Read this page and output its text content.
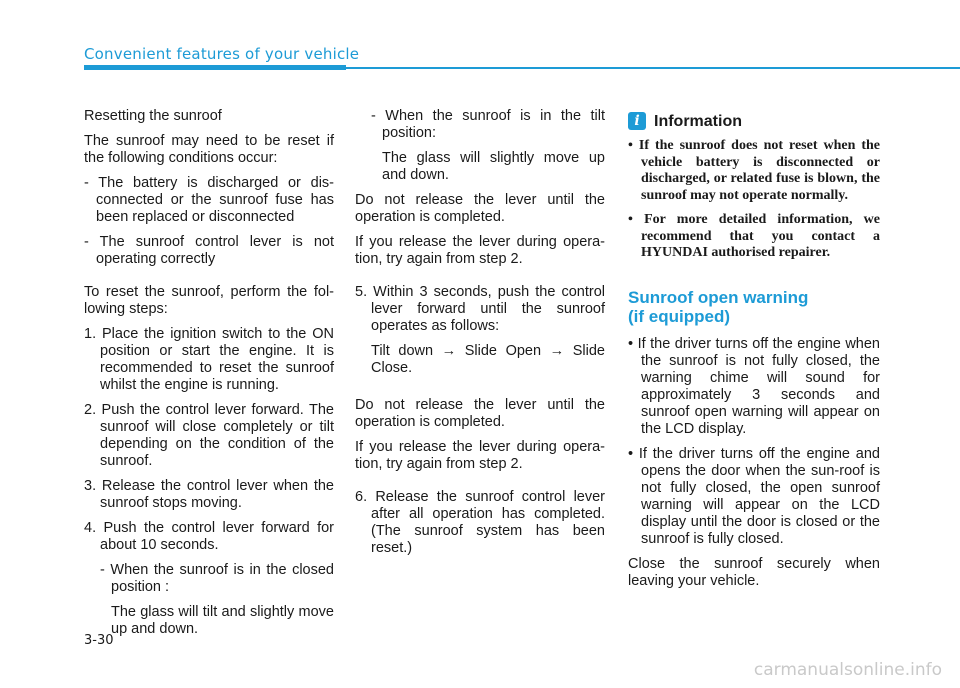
Convenient features of your vehicle

Resetting the sunroof

The sunroof may need to be reset if the following conditions occur:

- The battery is discharged or dis-connected or the sunroof fuse has been replaced or disconnected

- The sunroof control lever is not operating correctly

To reset the sunroof, perform the fol-lowing steps:

1. Place the ignition switch to the ON position or start the engine. It is recommended to reset the sunroof whilst the engine is running.

2. Push the control lever forward. The sunroof will close completely or tilt depending on the condition of the sunroof.

3. Release the control lever when the sunroof stops moving.

4. Push the control lever forward for about 10 seconds.

- When the sunroof is in the closed position :

The glass will tilt and slightly move up and down.

- When the sunroof is in the tilt position:

The glass will slightly move up and down.

Do not release the lever until the operation is completed.

If you release the lever during opera-tion, try again from step 2.

5. Within 3 seconds, push the control lever forward until the sunroof operates as follows:

Tilt down → Slide Open → Slide Close.

Do not release the lever until the operation is completed.

If you release the lever during opera-tion, try again from step 2.

6. Release the sunroof control lever after all operation has completed. (The sunroof system has been reset.)

i Information

• If the sunroof does not reset when the vehicle battery is disconnected or discharged, or related fuse is blown, the sunroof may not operate normally.

• For more detailed information, we recommend that you contact a HYUNDAI authorised repairer.

Sunroof open warning
(if equipped)

• If the driver turns off the engine when the sunroof is not fully closed, the warning chime will sound for approximately 3 seconds and sunroof open warning will appear on the LCD display.

• If the driver turns off the engine and opens the door when the sun-roof is not fully closed, the open sunroof warning will appear on the LCD display until the door is closed or the sunroof is fully closed.

Close the sunroof securely when leaving your vehicle.

3-30
carmanualsonline.info
